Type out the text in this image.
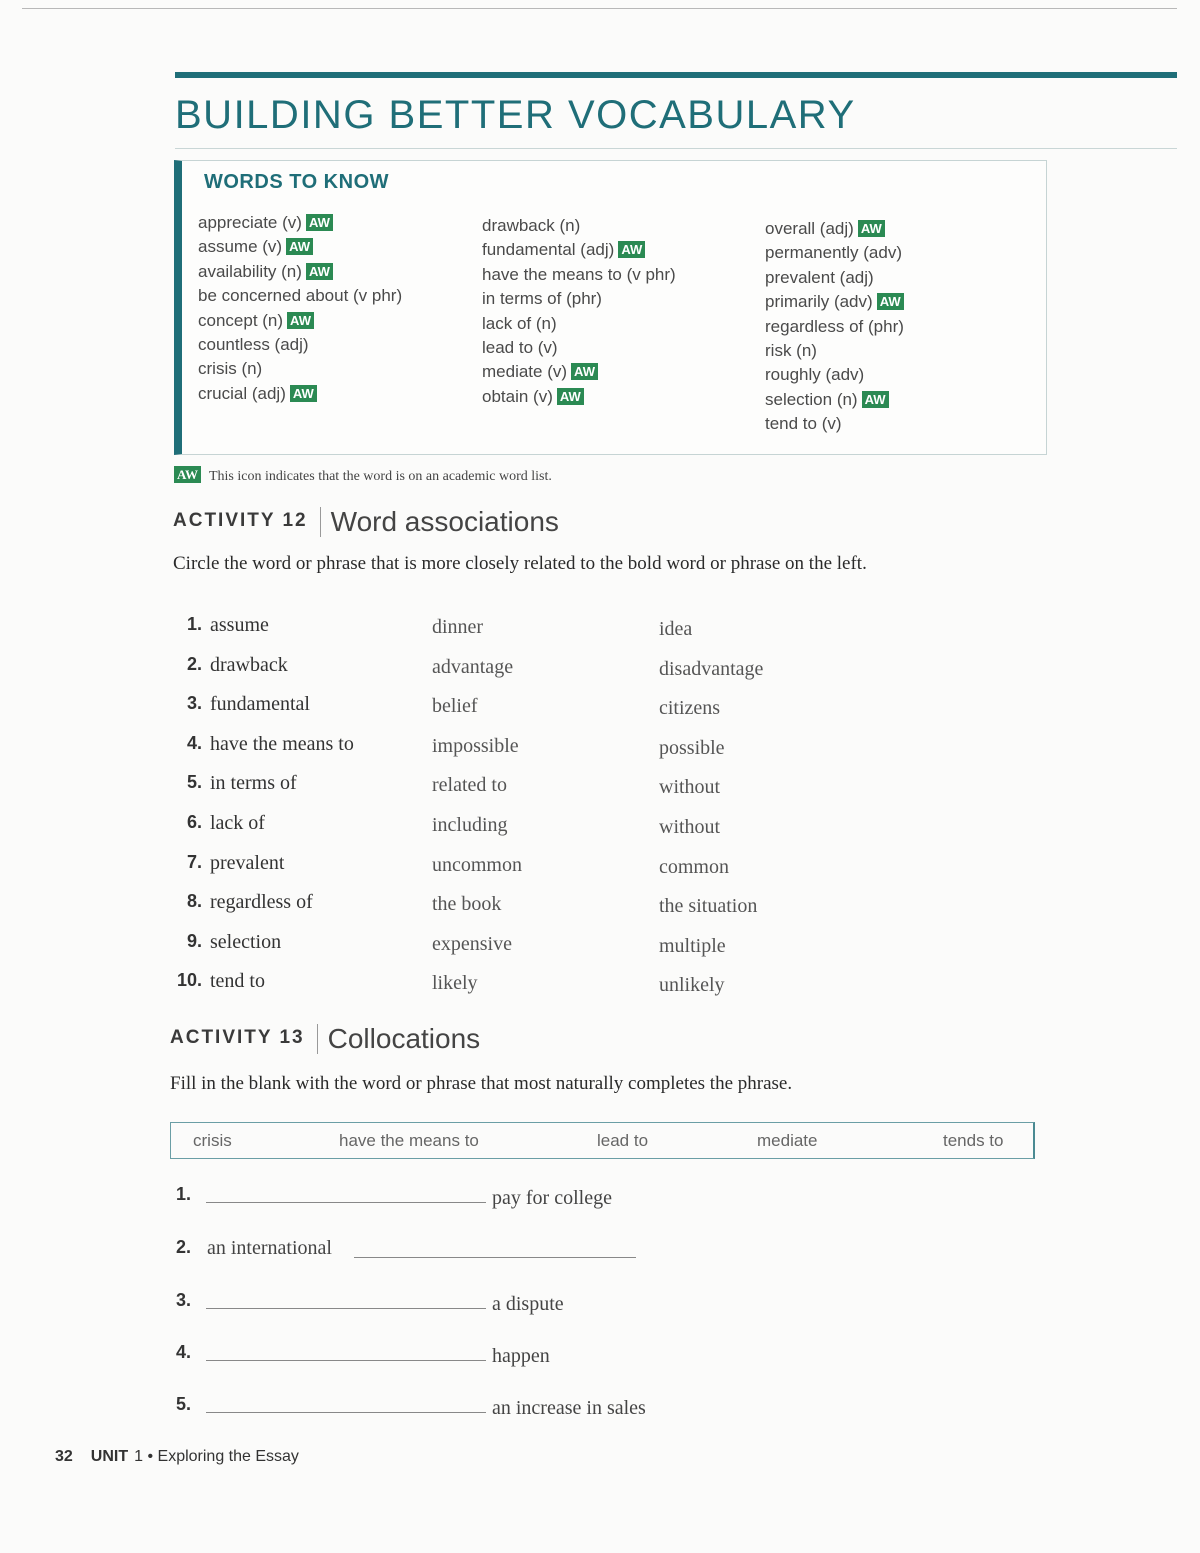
BUILDING BETTER VOCABULARY
WORDS TO KNOW
appreciate (v) AW
assume (v) AW
availability (n) AW
be concerned about (v phr)
concept (n) AW
countless (adj)
crisis (n)
crucial (adj) AW
drawback (n)
fundamental (adj) AW
have the means to (v phr)
in terms of (phr)
lack of (n)
lead to (v)
mediate (v) AW
obtain (v) AW
overall (adj) AW
permanently (adv)
prevalent (adj)
primarily (adv) AW
regardless of (phr)
risk (n)
roughly (adv)
selection (n) AW
tend to (v)
AW This icon indicates that the word is on an academic word list.
ACTIVITY 12 Word associations
Circle the word or phrase that is more closely related to the bold word or phrase on the left.
1. assume	dinner	idea
2. drawback	advantage	disadvantage
3. fundamental	belief	citizens
4. have the means to	impossible	possible
5. in terms of	related to	without
6. lack of	including	without
7. prevalent	uncommon	common
8. regardless of	the book	the situation
9. selection	expensive	multiple
10. tend to	likely	unlikely
ACTIVITY 13 Collocations
Fill in the blank with the word or phrase that most naturally completes the phrase.
crisis	have the means to	lead to	mediate	tends to
1.	pay for college
2. an international
3.	a dispute
4.	happen
5.	an increase in sales
32 UNIT 1 • Exploring the Essay
